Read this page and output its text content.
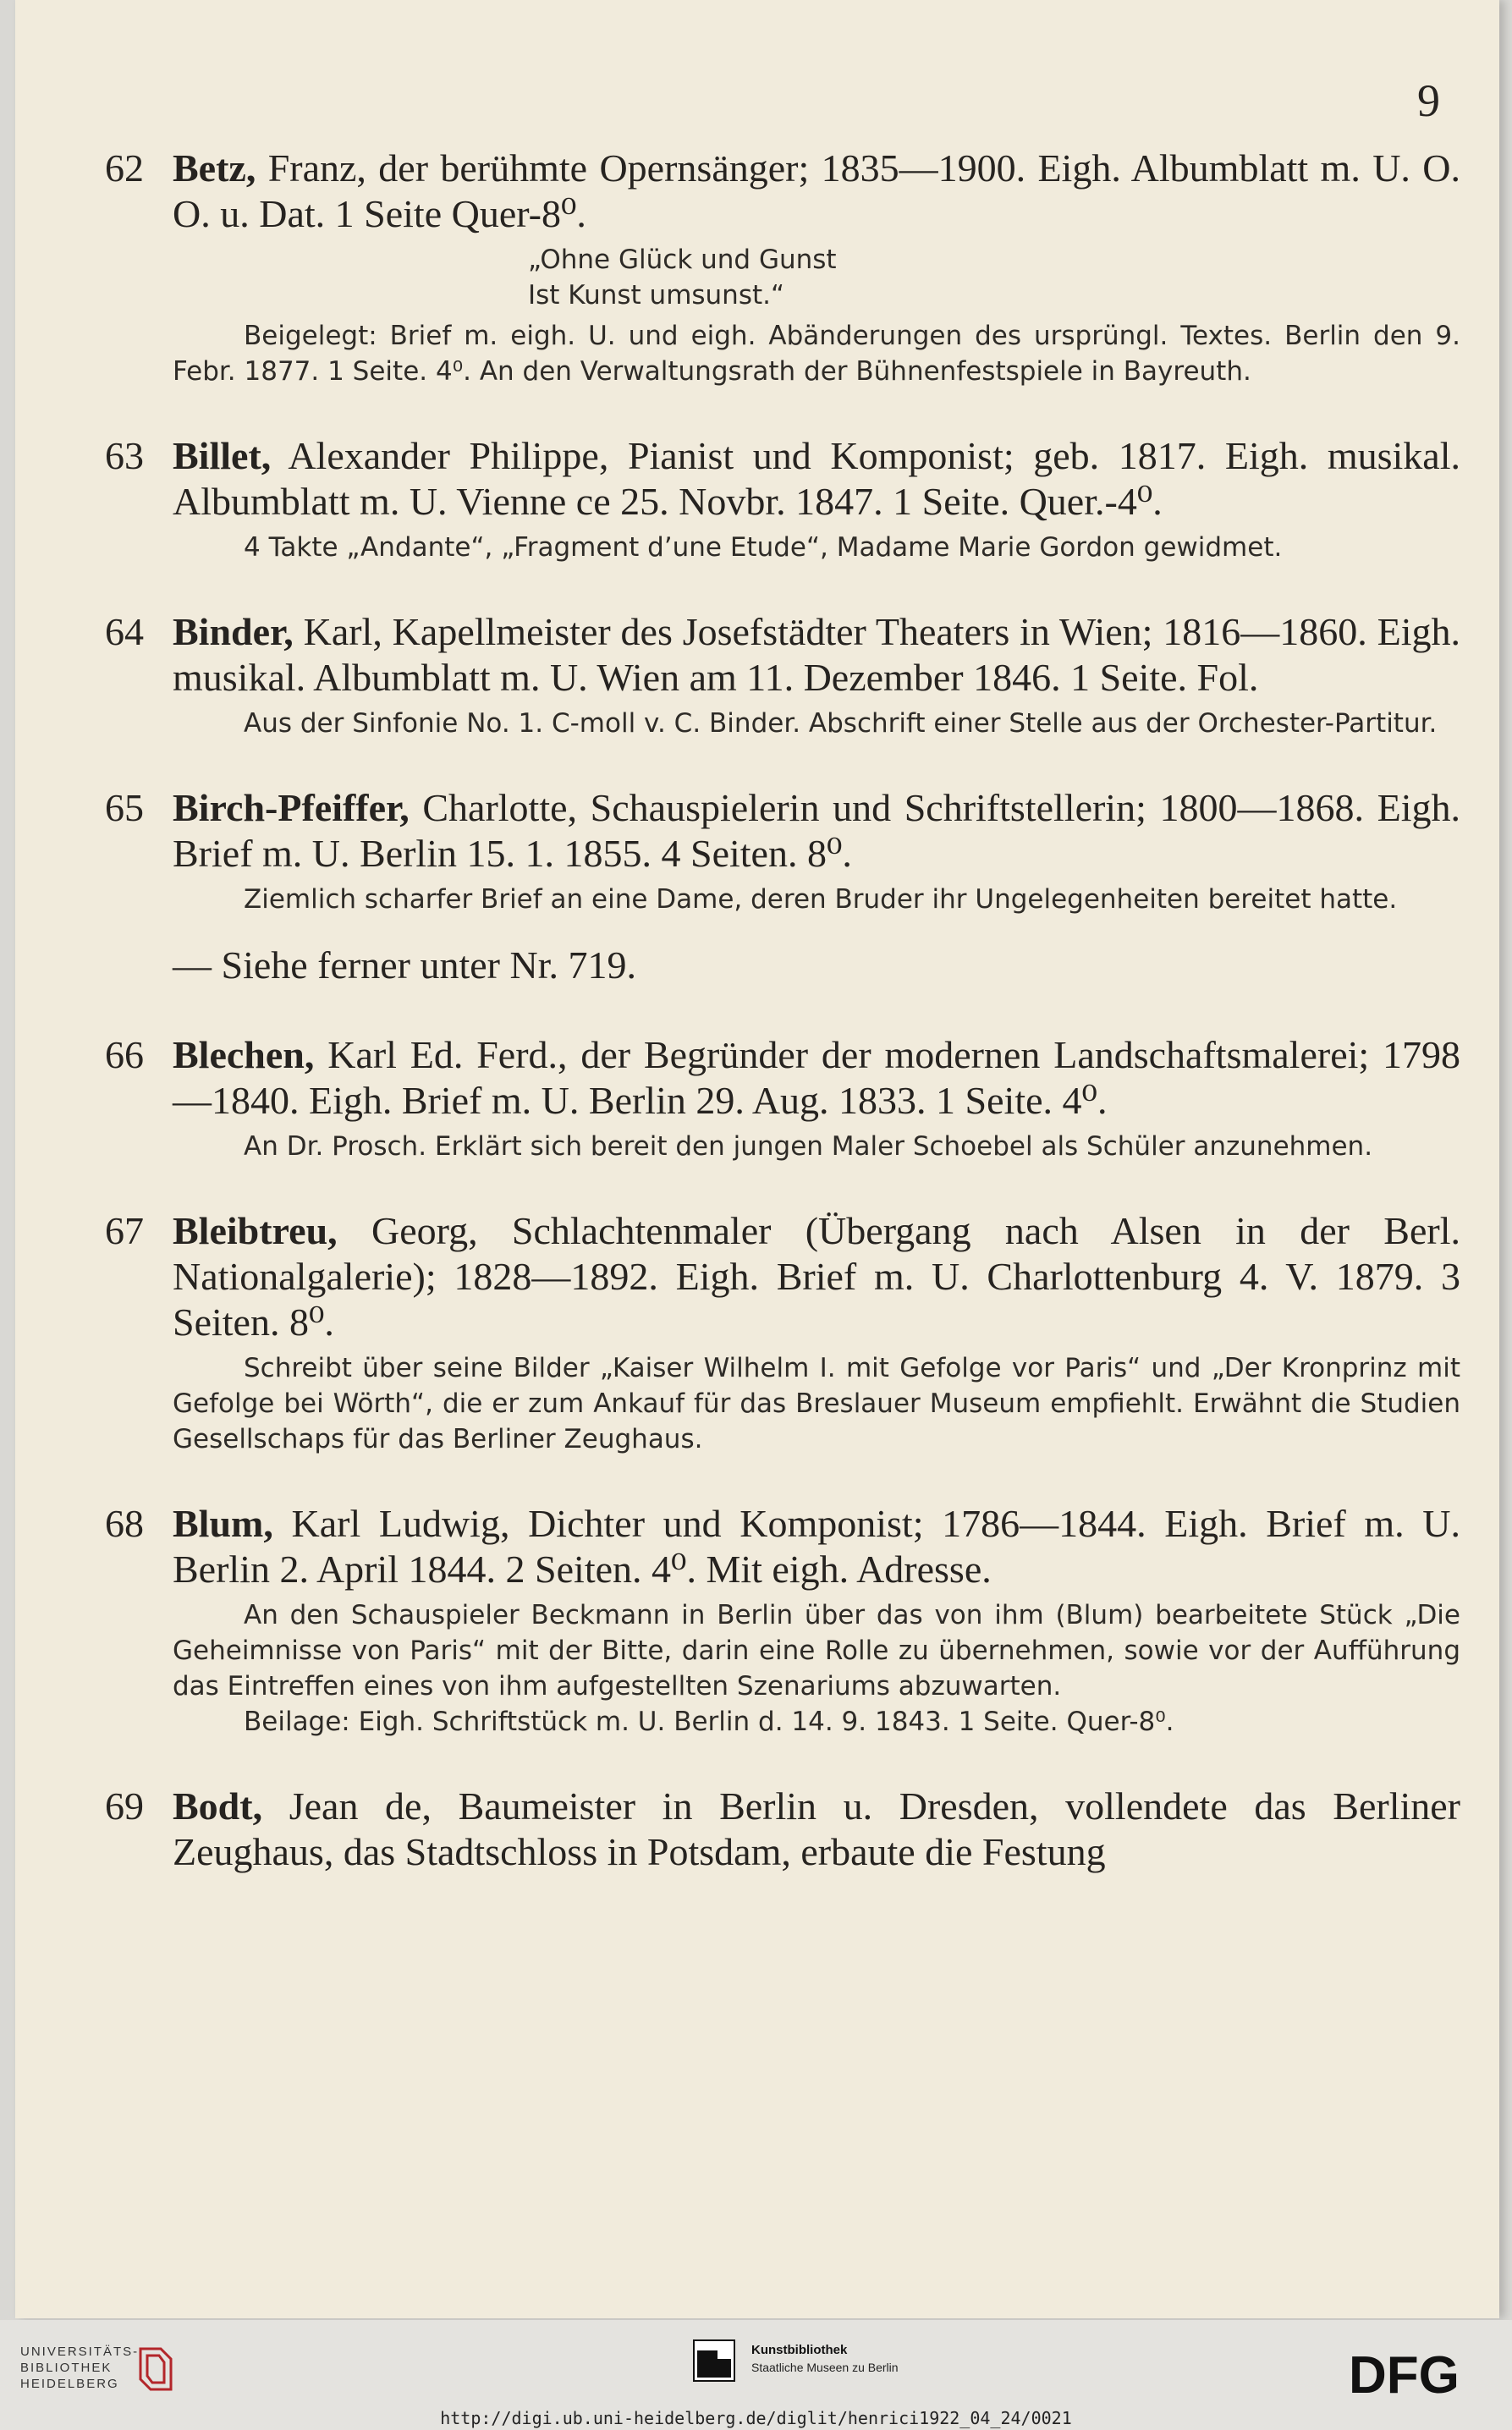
9
62 Betz, Franz, der berühmte Opernsänger; 1835—1900. Eigh. Albumblatt m. U. O. O. u. Dat. 1 Seite Quer-8⁰.

„Ohne Glück und Gunst

Ist Kunst umsunst.“

Beigelegt: Brief m. eigh. U. und eigh. Abänderungen des ursprüngl. Textes. Berlin den 9. Febr. 1877. 1 Seite. 4⁰. An den Verwaltungsrath der Bühnenfestspiele in Bayreuth.

63 Billet, Alexander Philippe, Pianist und Komponist; geb. 1817. Eigh. musikal. Albumblatt m. U. Vienne ce 25. Novbr. 1847. 1 Seite. Quer.-4⁰.

4 Takte „Andante“, „Fragment d’une Etude“, Madame Marie Gordon gewidmet.

64 Binder, Karl, Kapellmeister des Josefstädter Theaters in Wien; 1816—1860. Eigh. musikal. Albumblatt m. U. Wien am 11. Dezember 1846. 1 Seite. Fol.

Aus der Sinfonie No. 1. C-moll v. C. Binder. Abschrift einer Stelle aus der Orchester-Partitur.

65 Birch-Pfeiffer, Charlotte, Schauspielerin und Schriftstellerin; 1800—1868. Eigh. Brief m. U. Berlin 15. 1. 1855. 4 Seiten. 8⁰.

Ziemlich scharfer Brief an eine Dame, deren Bruder ihr Ungelegenheiten bereitet hatte.

— Siehe ferner unter Nr. 719.

66 Blechen, Karl Ed. Ferd., der Begründer der modernen Landschaftsmalerei; 1798—1840. Eigh. Brief m. U. Berlin 29. Aug. 1833. 1 Seite. 4⁰.

An Dr. Prosch. Erklärt sich bereit den jungen Maler Schoebel als Schüler anzunehmen.

67 Bleibtreu, Georg, Schlachtenmaler (Übergang nach Alsen in der Berl. Nationalgalerie); 1828—1892. Eigh. Brief m. U. Charlottenburg 4. V. 1879. 3 Seiten. 8⁰.

Schreibt über seine Bilder „Kaiser Wilhelm I. mit Gefolge vor Paris“ und „Der Kronprinz mit Gefolge bei Wörth“, die er zum Ankauf für das Breslauer Museum empfiehlt. Erwähnt die Studien Gesellschaps für das Berliner Zeughaus.

68 Blum, Karl Ludwig, Dichter und Komponist; 1786—1844. Eigh. Brief m. U. Berlin 2. April 1844. 2 Seiten. 4⁰. Mit eigh. Adresse.

An den Schauspieler Beckmann in Berlin über das von ihm (Blum) bearbeitete Stück „Die Geheimnisse von Paris“ mit der Bitte, darin eine Rolle zu übernehmen, sowie vor der Aufführung das Eintreffen eines von ihm aufgestellten Szenariums abzuwarten.

Beilage: Eigh. Schriftstück m. U. Berlin d. 14. 9. 1843. 1 Seite. Quer-8⁰.

69 Bodt, Jean de, Baumeister in Berlin u. Dresden, vollendete das Berliner Zeughaus, das Stadtschloss in Potsdam, erbaute die Festung

UNIVERSITÄTS-
BIBLIOTHEK
HEIDELBERG
Kunstbibliothek
Staatliche Museen zu Berlin	DFG
http://digi.ub.uni-heidelberg.de/diglit/henrici1922_04_24/0021
